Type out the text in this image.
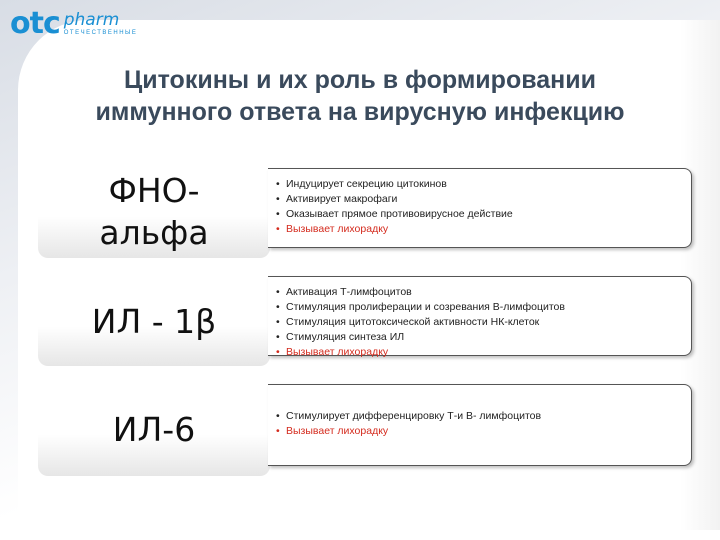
otc pharm
ОТЕЧЕСТВЕННЫЕ
Цитокины и их роль в формировании
иммунного ответа на вирусную инфекцию
ФНО-
альфа
• Индуцирует секрецию цитокинов
• Активирует макрофаги
• Оказывает прямое противовирусное действие
• Вызывает лихорадку
ИЛ - 1β
• Активация Т-лимфоцитов
• Стимуляция пролиферации и созревания В-лимфоцитов
• Стимуляция цитотоксической активности НК-клеток
• Стимуляция синтеза ИЛ
• Вызывает лихорадку
ИЛ-6
•	Стимулирует дифференцировку Т-и В- лимфоцитов
• Вызывает лихорадку
